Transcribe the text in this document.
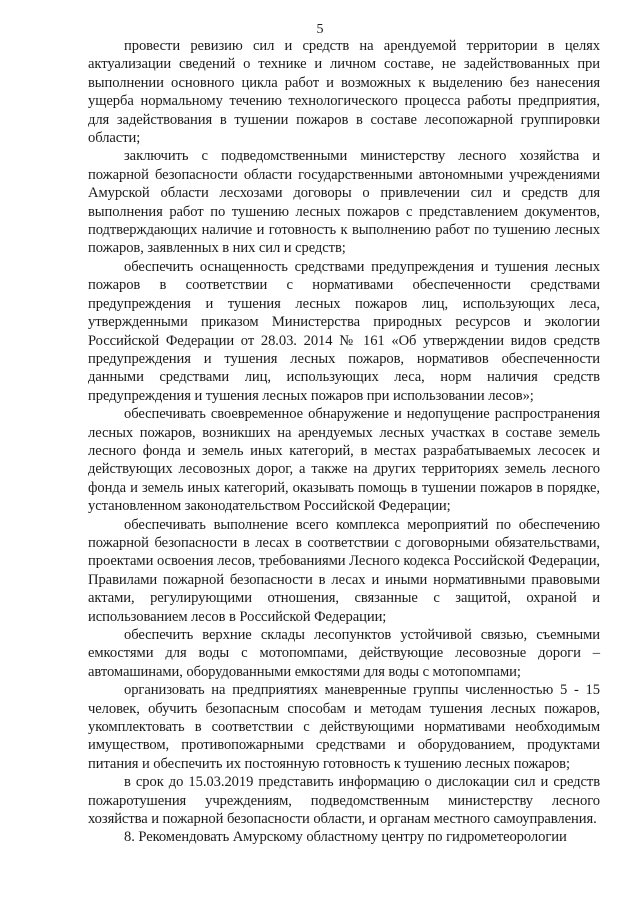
5

провести ревизию сил и средств на арендуемой территории в целях актуализации сведений о технике и личном составе, не задействованных при выполнении основного цикла работ и возможных к выделению без нанесения ущерба нормальному течению технологического процесса работы предприятия, для задействования в тушении пожаров в составе лесопожарной группировки области;

заключить с подведомственными министерству лесного хозяйства и пожарной безопасности области государственными автономными учреждениями Амурской области лесхозами договоры о привлечении сил и средств для выполнения работ по тушению лесных пожаров с представлением документов, подтверждающих наличие и готовность к выполнению работ по тушению лесных пожаров, заявленных в них сил и средств;

обеспечить оснащенность средствами предупреждения и тушения лесных пожаров в соответствии с нормативами обеспеченности средствами предупреждения и тушения лесных пожаров лиц, использующих леса, утвержденными приказом Министерства природных ресурсов и экологии Российской Федерации от 28.03. 2014 № 161 «Об утверждении видов средств предупреждения и тушения лесных пожаров, нормативов обеспеченности данными средствами лиц, использующих леса, норм наличия средств предупреждения и тушения лесных пожаров при использовании лесов»;

обеспечивать своевременное обнаружение и недопущение распространения лесных пожаров, возникших на арендуемых лесных участках в составе земель лесного фонда и земель иных категорий, в местах разрабатываемых лесосек и действующих лесовозных дорог, а также на других территориях земель лесного фонда и земель иных категорий, оказывать помощь в тушении пожаров в порядке, установленном законодательством Российской Федерации;

обеспечивать выполнение всего комплекса мероприятий по обеспечению пожарной безопасности в лесах в соответствии с договорными обязательствами, проектами освоения лесов, требованиями Лесного кодекса Российской Федерации, Правилами пожарной безопасности в лесах и иными нормативными правовыми актами, регулирующими отношения, связанные с защитой, охраной и использованием лесов в Российской Федерации;

обеспечить верхние склады лесопунктов устойчивой связью, съемными емкостями для воды с мотопомпами, действующие лесовозные дороги – автомашинами, оборудованными емкостями для воды с мотопомпами;

организовать на предприятиях маневренные группы численностью 5 - 15 человек, обучить безопасным способам и методам тушения лесных пожаров, укомплектовать в соответствии с действующими нормативами необходимым имуществом, противопожарными средствами и оборудованием, продуктами питания и обеспечить их постоянную готовность к тушению лесных пожаров;

в срок до 15.03.2019 представить информацию о дислокации сил и средств пожаротушения учреждениям, подведомственным министерству лесного хозяйства и пожарной безопасности области, и органам местного самоуправления.

8. Рекомендовать Амурскому областному центру по гидрометеорологии
